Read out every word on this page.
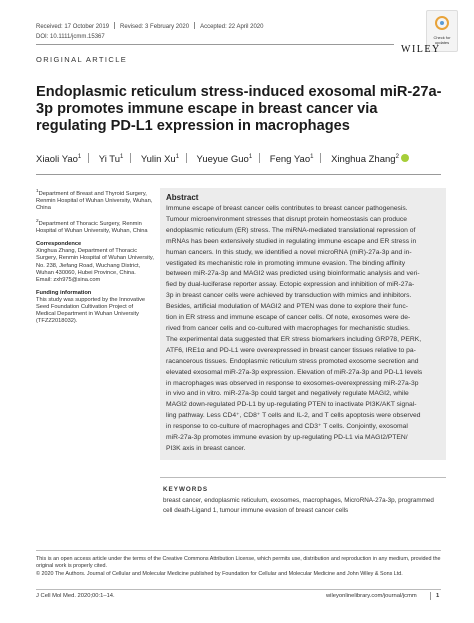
Received: 17 October 2019 Revised: 3 February 2020 Accepted: 22 April 2020
DOI: 10.1111/jcmm.15367	Check for
updates
WILEY
ORIGINAL ARTICLE
Endoplasmic reticulum stress-induced exosomal miR-27a-3p promotes immune escape in breast cancer via regulating PD-L1 expression in macrophages
Xiaoli Yao$^1$ Yi Tu$^1$ Yulin Xu$^1$ Yueyue Guo$^1$ Feng Yao$^1$ Xinghua Zhang$^2$
$^1$Department of Breast and Thyroid Surgery, Renmin Hospital of Wuhan University, Wuhan, China
$^2$Department of Thoracic Surgery, Renmin Hospital of Wuhan University, Wuhan, China
Correspondence
Xinghua Zhang, Department of Thoracic Surgery, Renmin Hospital of Wuhan University, No. 238, Jiefang Road, Wuchang District, Wuhan 430060, Hubei Province, China.
Email: zxh975@sina.com
Funding information
This study was supported by the Innovative Seed Foundation Cultivation Project of Medical Department in Wuhan University (TFZZ2018032).
Abstract
Immune escape of breast cancer cells contributes to breast cancer pathogenesis.
Tumour microenvironment stresses that disrupt protein homeostasis can produce
endoplasmic reticulum (ER) stress. The miRNA-mediated translational repression of
mRNAs has been extensively studied in regulating immune escape and ER stress in
human cancers. In this study, we identified a novel microRNA (miR)-27a-3p and in-
vestigated its mechanistic role in promoting immune evasion. The binding affinity
between miR-27a-3p and MAGI2 was predicted using bioinformatic analysis and veri-
fied by dual-luciferase reporter assay. Ectopic expression and inhibition of miR-27a-
3p in breast cancer cells were achieved by transduction with mimics and inhibitors.
Besides, artificial modulation of MAGI2 and PTEN was done to explore their func-
tion in ER stress and immune escape of cancer cells. Of note, exosomes were de-
rived from cancer cells and co-cultured with macrophages for mechanistic studies.
The experimental data suggested that ER stress biomarkers including GRP78, PERK,
ATF6, IRE1α and PD-L1 were overexpressed in breast cancer tissues relative to pa-
racancerous tissues. Endoplasmic reticulum stress promoted exosome secretion and
elevated exosomal miR-27a-3p expression. Elevation of miR-27a-3p and PD-L1 levels
in macrophages was observed in response to exosomes-overexpressing miR-27a-3p
in vivo and in vitro. miR-27a-3p could target and negatively regulate MAGI2, while
MAGI2 down-regulated PD-L1 by up-regulating PTEN to inactivate PI3K/AKT signal-
ling pathway. Less CD4⁺, CD8⁺ T cells and IL-2, and T cells apoptosis were observed
in response to co-culture of macrophages and CD3⁺ T cells. Conjointly, exosomal
miR-27a-3p promotes immune evasion by up-regulating PD-L1 via MAGI2/PTEN/
PI3K axis in breast cancer.
KEYWORDS
breast cancer, endoplasmic reticulum, exosomes, macrophages, MicroRNA-27a-3p, programmed cell death-Ligand 1, tumour immune evasion of breast cancer cells
This is an open access article under the terms of the Creative Commons Attribution License, which permits use, distribution and reproduction in any medium, provided the original work is properly cited.
© 2020 The Authors. Journal of Cellular and Molecular Medicine published by Foundation for Cellular and Molecular Medicine and John Wiley & Sons Ltd.
J Cell Mol Med. 2020;00:1–14.	wileyonlinelibrary.com/journal/jcmm	1
